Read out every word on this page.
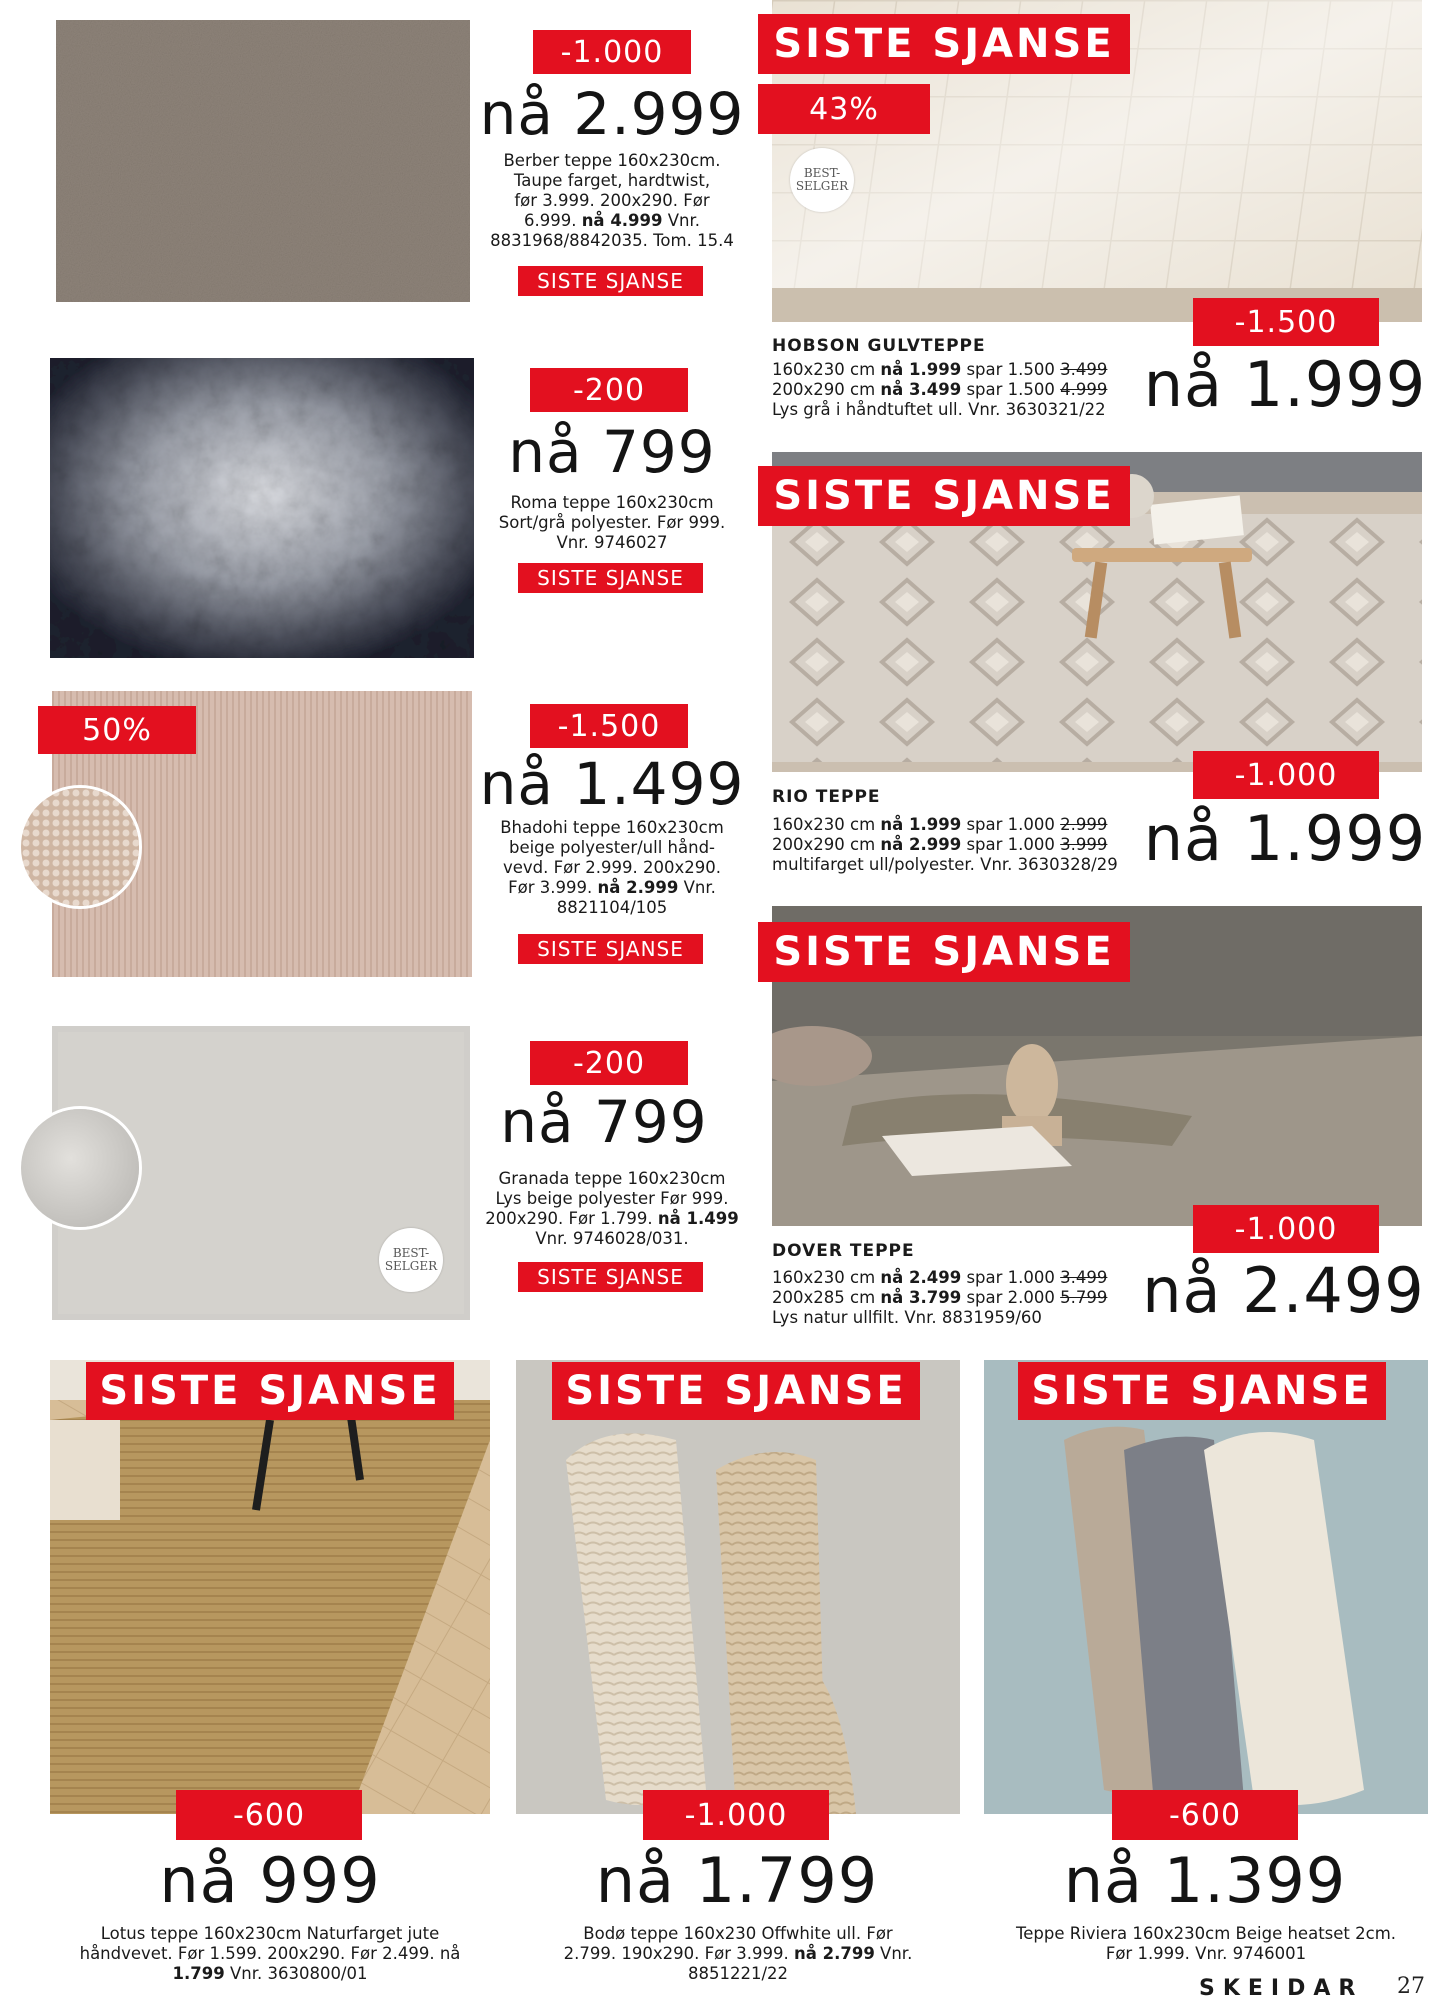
-1.000
nå 2.999
Berber teppe 160x230cm.
Taupe farget, hardtwist,
før 3.999. 200x290. Før
6.999. nå 4.999 Vnr.
8831968/8842035. Tom. 15.4
SISTE SJANSE
-200
nå 799
Roma teppe 160x230cm
Sort/grå polyester. Før 999.
Vnr. 9746027
SISTE SJANSE
50%	-1.500
nå 1.499
Bhadohi teppe 160x230cm
beige polyester/ull hånd-
vevd. Før 2.999. 200x290.
Før 3.999. nå 2.999 Vnr.
8821104/105
SISTE SJANSE
BEST-
SELGER
-200
nå 799
Granada teppe 160x230cm
Lys beige polyester Før 999.
200x290. Før 1.799. nå 1.499
Vnr. 9746028/031.
SISTE SJANSE
SISTE SJANSE
43%
BEST-
SELGER
HOBSON GULVTEPPE
160x230 cm nå 1.999 spar 1.500 3.499
200x290 cm nå 3.499 spar 1.500 4.999
Lys grå i håndtuftet ull. Vnr. 3630321/22
-1.500
nå 1.999
SISTE SJANSE
RIO TEPPE
160x230 cm nå 1.999 spar 1.000 2.999
200x290 cm nå 2.999 spar 1.000 3.999
multifarget ull/polyester. Vnr. 3630328/29
-1.000
nå 1.999
SISTE SJANSE
DOVER TEPPE
160x230 cm nå 2.499 spar 1.000 3.499
200x285 cm nå 3.799 spar 2.000 5.799
Lys natur ullfilt. Vnr. 8831959/60
-1.000
nå 2.499
SISTE SJANSE
-600
nå 999
Lotus teppe 160x230cm Naturfarget jute
håndvevet. Før 1.599. 200x290. Før 2.499. nå
1.799 Vnr. 3630800/01
SISTE SJANSE
-1.000
nå 1.799
Bodø teppe 160x230 Offwhite ull. Før
2.799. 190x290. Før 3.999. nå 2.799 Vnr.
8851221/22
SISTE SJANSE
-600
nå 1.399
Teppe Riviera 160x230cm Beige heatset 2cm.
Før 1.999. Vnr. 9746001
SKEIDAR 27
